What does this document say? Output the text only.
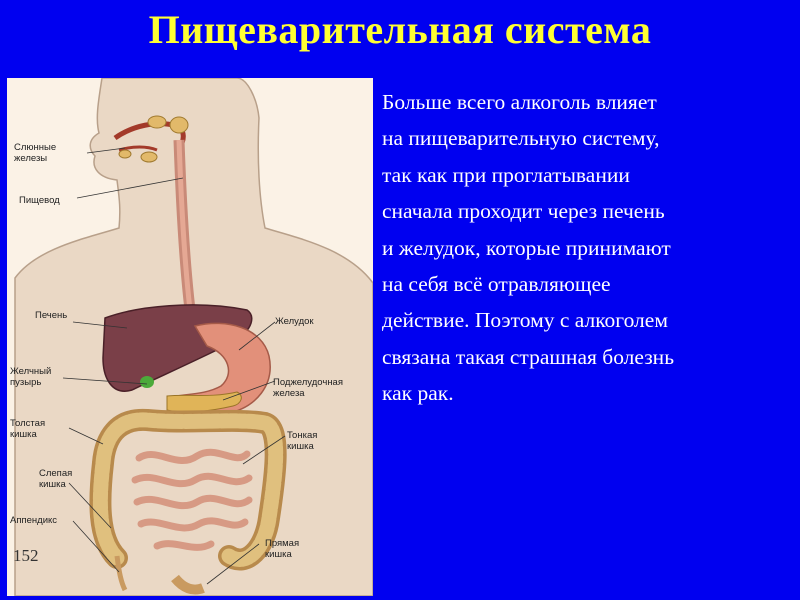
Пищеварительная система
Слюнные
железы
Пищевод
Печень
Желудок
Желчный
пузырь	Поджелудочная
железа
Толстая
кишка	Тонкая
кишка
Слепая
кишка
Аппендикс
Прямая
кишка
152
Больше всего алкоголь влияет
на пищеварительную систему,
так как при проглатывании
сначала проходит через печень
и желудок, которые принимают
на себя всё отравляющее
действие. Поэтому с алкоголем
связана такая страшная болезнь
как рак.
